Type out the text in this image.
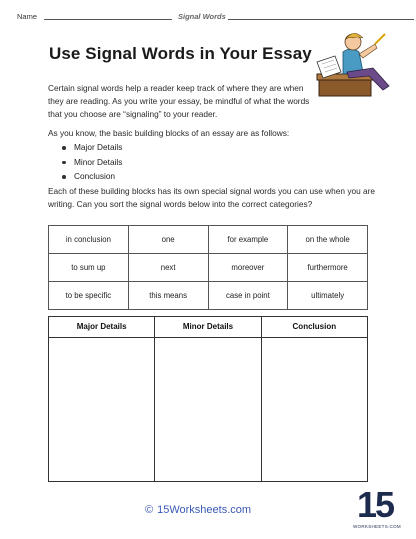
Name	Signal Words
Use Signal Words in Your Essay

Certain signal words help a reader keep track of where they are when they are reading. As you write your essay, be mindful of what the words that you choose are “signaling” to your reader.

As you know, the basic building blocks of an essay are as follows:

Major Details
Minor Details
Conclusion

Each of these building blocks has its own special signal words you can use when you are writing. Can you sort the signal words below into the correct categories?

in conclusion	one	for example	on the whole
to sum up	next	moreover	furthermore
to be specific	this means	case in point	ultimately
Major Details	Minor Details	Conclusion
© 15Worksheets.com	15
WORKSHEETS.COM
